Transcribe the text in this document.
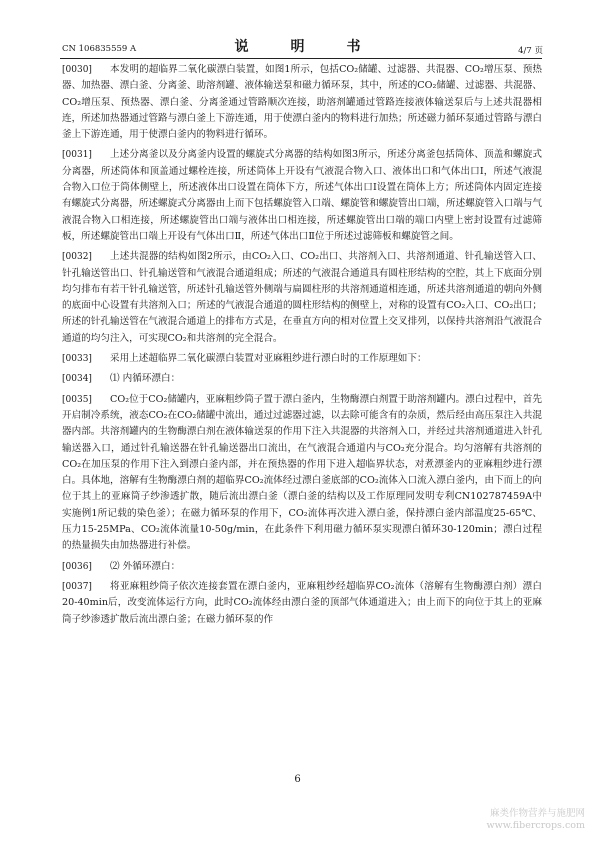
CN 106835559 A	说　明　书	4/7 页
[0030] 本发明的超临界二氧化碳漂白装置，如图1所示，包括CO₂储罐、过滤器、共混器、CO₂增压泵、预热器、加热器、漂白釜、分离釜、助溶剂罐、液体输送泵和磁力循环泵，其中，所述的CO₂储罐、过滤器、共混器、CO₂增压泵、预热器、漂白釜、分离釜通过管路顺次连接，助溶剂罐通过管路连接液体输送泵后与上述共混器相连，所述加热器通过管路与漂白釜上下游连通，用于使漂白釜内的物料进行加热；所述磁力循环泵通过管路与漂白釜上下游连通，用于使漂白釜内的物料进行循环。
[0031] 上述分离釜以及分离釜内设置的螺旋式分离器的结构如图3所示，所述分离釜包括筒体、顶盖和螺旋式分离器，所述筒体和顶盖通过螺栓连接，所述筒体上开设有气液混合物入口、液体出口和气体出口Ⅰ，所述气液混合物入口位于筒体侧壁上，所述液体出口设置在筒体下方，所述气体出口Ⅰ设置在筒体上方；所述筒体内固定连接有螺旋式分离器，所述螺旋式分离器由上而下包括螺旋管入口端、螺旋管和螺旋管出口端，所述螺旋管入口端与气液混合物入口相连接，所述螺旋管出口端与液体出口相连接，所述螺旋管出口端的端口内壁上密封设置有过滤筛板，所述螺旋管出口端上开设有气体出口Ⅱ，所述气体出口Ⅱ位于所述过滤筛板和螺旋管之间。
[0032] 上述共混器的结构如图2所示，由CO₂入口、CO₂出口、共溶剂入口、共溶剂通道、针孔输送管入口、针孔输送管出口、针孔输送管和气液混合通道组成；所述的气液混合通道具有圆柱形结构的空腔，其上下底面分别均匀排布有若干针孔输送管，所述针孔输送管外侧端与扁圆柱形的共溶剂通道相连通，所述共溶剂通道的朝向外侧的底面中心设置有共溶剂入口；所述的气液混合通道的圆柱形结构的侧壁上，对称的设置有CO₂入口、CO₂出口；所述的针孔输送管在气液混合通道上的排布方式是，在垂直方向的相对位置上交叉排列，以保持共溶剂沿气液混合通道的均匀注入，可实现CO₂和共溶剂的完全混合。
[0033] 采用上述超临界二氧化碳漂白装置对亚麻粗纱进行漂白时的工作原理如下：
[0034] ⑴ 内循环漂白：
[0035] CO₂位于CO₂储罐内，亚麻粗纱筒子置于漂白釜内，生物酶漂白剂置于助溶剂罐内。漂白过程中，首先开启制冷系统，液态CO₂在CO₂储罐中流出，通过过滤器过滤，以去除可能含有的杂质，然后经由高压泵注入共混器内部。共溶剂罐内的生物酶漂白剂在液体输送泵的作用下注入共混器的共溶剂入口，并经过共溶剂通道进入针孔输送器入口，通过针孔输送器在针孔输送器出口流出，在气液混合通道内与CO₂充分混合。均匀溶解有共溶剂的CO₂在加压泵的作用下注入到漂白釜内部，并在预热器的作用下进入超临界状态，对煮漂釜内的亚麻粗纱进行漂白。具体地，溶解有生物酶漂白剂的超临界CO₂流体经过漂白釜底部的CO₂流体入口流入漂白釜内，由下而上的向位于其上的亚麻筒子纱渗透扩散，随后流出漂白釜（漂白釜的结构以及工作原理同发明专利CN102787459A中实施例1所记载的染色釜）；在磁力循环泵的作用下，CO₂流体再次进入漂白釜，保持漂白釜内部温度25-65℃、压力15-25MPa、CO₂流体流量10-50g/min，在此条件下利用磁力循环泵实现漂白循环30-120min；漂白过程的热量损失由加热器进行补偿。
[0036] ⑵ 外循环漂白：
[0037] 将亚麻粗纱筒子依次连接套置在漂白釜内，亚麻粗纱经超临界CO₂流体（溶解有生物酶漂白剂）漂白20-40min后，改变流体运行方向，此时CO₂流体经由漂白釜的顶部气体通道进入；由上而下的向位于其上的亚麻筒子纱渗透扩散后流出漂白釜；在磁力循环泵的作
6
麻类作物营养与施肥网
www.fibercrops.com
